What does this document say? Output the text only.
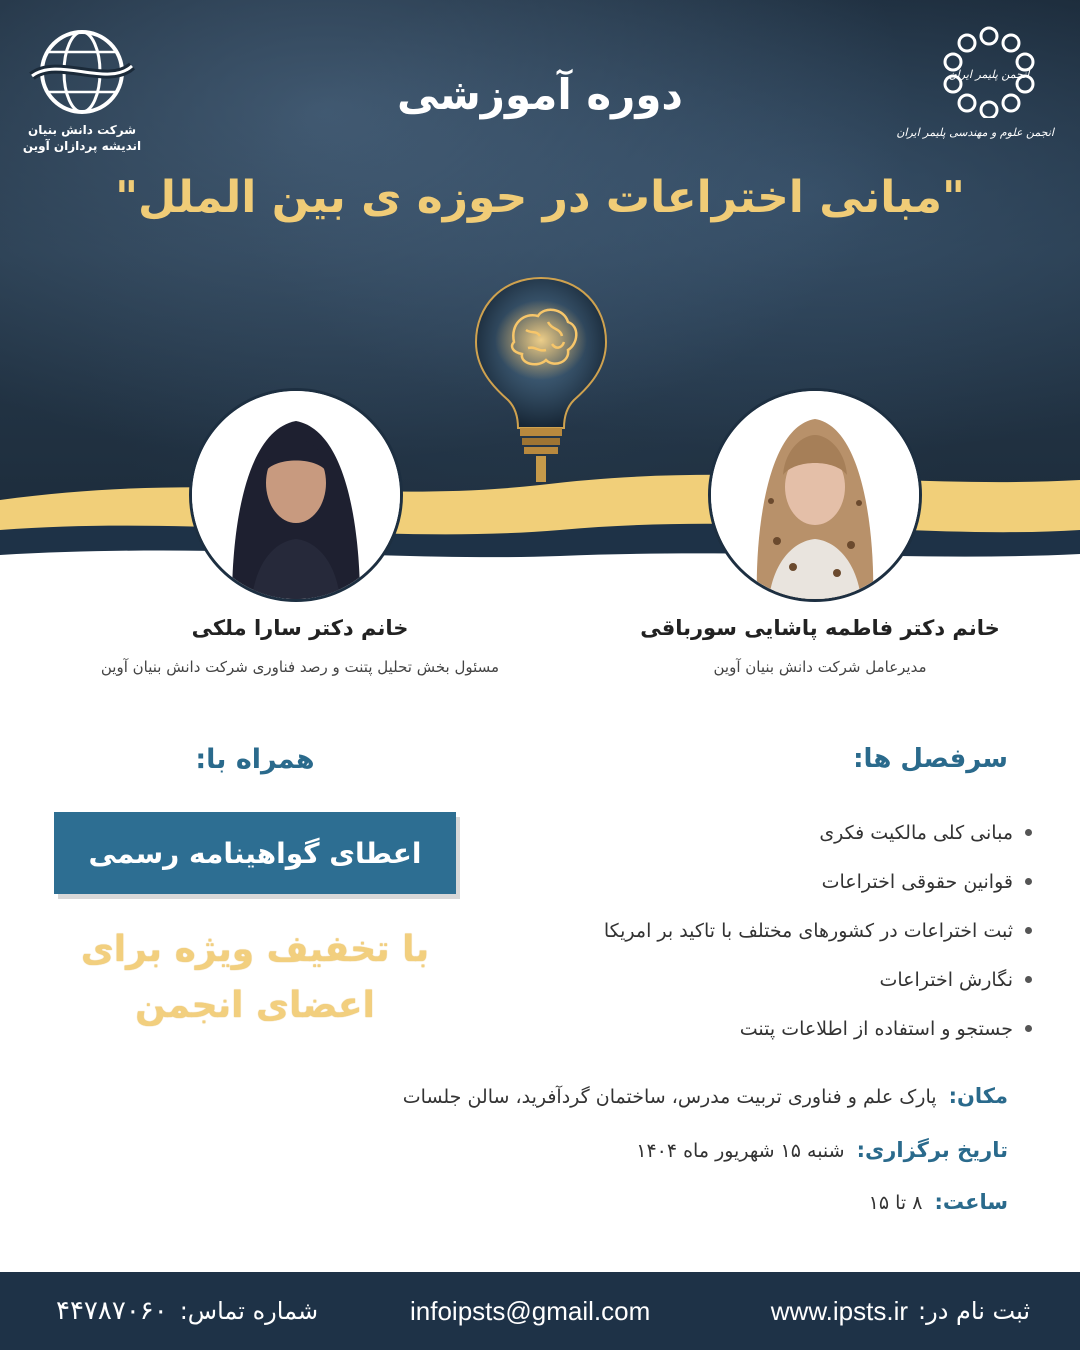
شرکت دانش بنیان
اندیشه پردازان آوین
انجمن پلیمر ایران
انجمن علوم و مهندسی پلیمر ایران
دوره آموزشی
"مبانی اختراعات در حوزه ی بین الملل"
خانم دکتر سارا ملکی
مسئول بخش تحلیل پتنت و رصد فناوری شرکت دانش بنیان آوین
خانم دکتر فاطمه پاشایی سورباقی
مدیرعامل شرکت دانش بنیان آوین
همراه با:
اعطای گواهینامه رسمی
با تخفیف ویژه برای
اعضای انجمن
سرفصل ها:
مبانی کلی مالکیت فکری
قوانین حقوقی اختراعات
ثبت اختراعات در کشورهای مختلف با تاکید بر امریکا
نگارش اختراعات
جستجو و استفاده از اطلاعات پتنت
مکان: پارک علم و فناوری تربیت مدرس، ساختمان گردآفرید، سالن جلسات
تاریخ برگزاری: شنبه ۱۵ شهریور ماه ۱۴۰۴
ساعت: ۸ تا ۱۵
ثبت نام در:
www.ipsts.ir
infoipsts@gmail.com
شماره تماس:
۴۴۷۸۷۰۶۰
